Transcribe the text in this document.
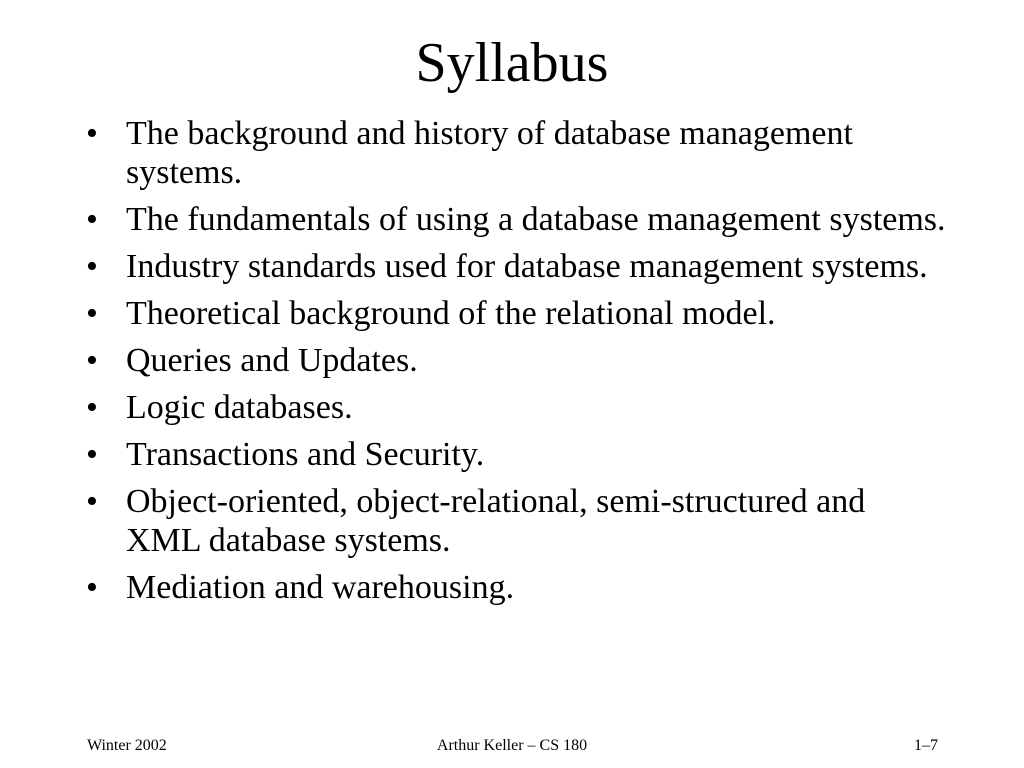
Syllabus
• The background and history of database management systems.
• The fundamentals of using a database management systems.
• Industry standards used for database management systems.
• Theoretical background of the relational model.
• Queries and Updates.
• Logic databases.
• Transactions and Security.
• Object-oriented, object-relational, semi-structured and XML database systems.
• Mediation and warehousing.
Winter 2002	Arthur Keller – CS 180	1–7
